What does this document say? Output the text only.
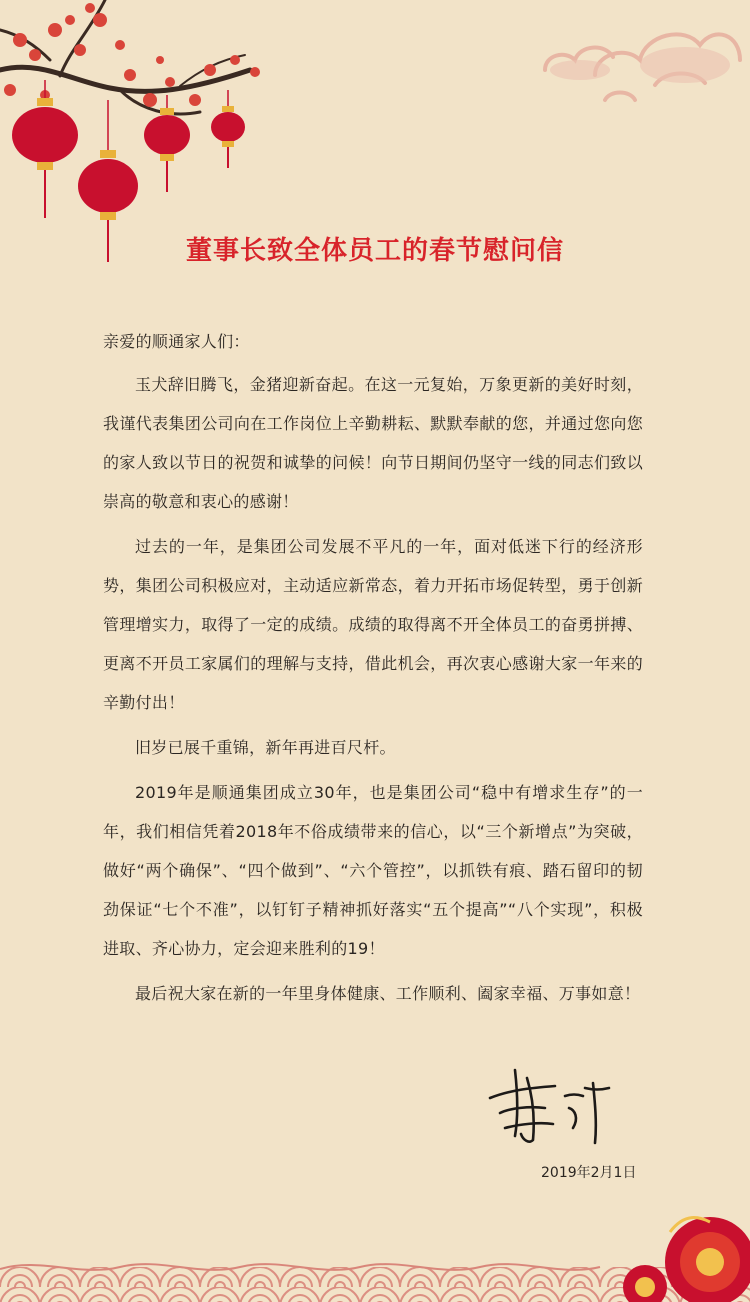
董事长致全体员工的春节慰问信

亲爱的顺通家人们：

玉犬辞旧腾飞，金猪迎新奋起。在这一元复始，万象更新的美好时刻，我谨代表集团公司向在工作岗位上辛勤耕耘、默默奉献的您，并通过您向您的家人致以节日的祝贺和诚挚的问候！向节日期间仍坚守一线的同志们致以崇高的敬意和衷心的感谢！

过去的一年，是集团公司发展不平凡的一年，面对低迷下行的经济形势，集团公司积极应对，主动适应新常态，着力开拓市场促转型，勇于创新管理增实力，取得了一定的成绩。成绩的取得离不开全体员工的奋勇拼搏、更离不开员工家属们的理解与支持，借此机会，再次衷心感谢大家一年来的辛勤付出！

旧岁已展千重锦，新年再进百尺杆。

2019年是顺通集团成立30年，也是集团公司“稳中有增求生存”的一年，我们相信凭着2018年不俗成绩带来的信心，以“三个新增点”为突破，做好“两个确保”、“四个做到”、“六个管控”，以抓铁有痕、踏石留印的韧劲保证“七个不准”，以钉钉子精神抓好落实“五个提高”“八个实现”，积极进取、齐心协力，定会迎来胜利的19！

最后祝大家在新的一年里身体健康、工作顺利、阖家幸福、万事如意！

2019年2月1日
